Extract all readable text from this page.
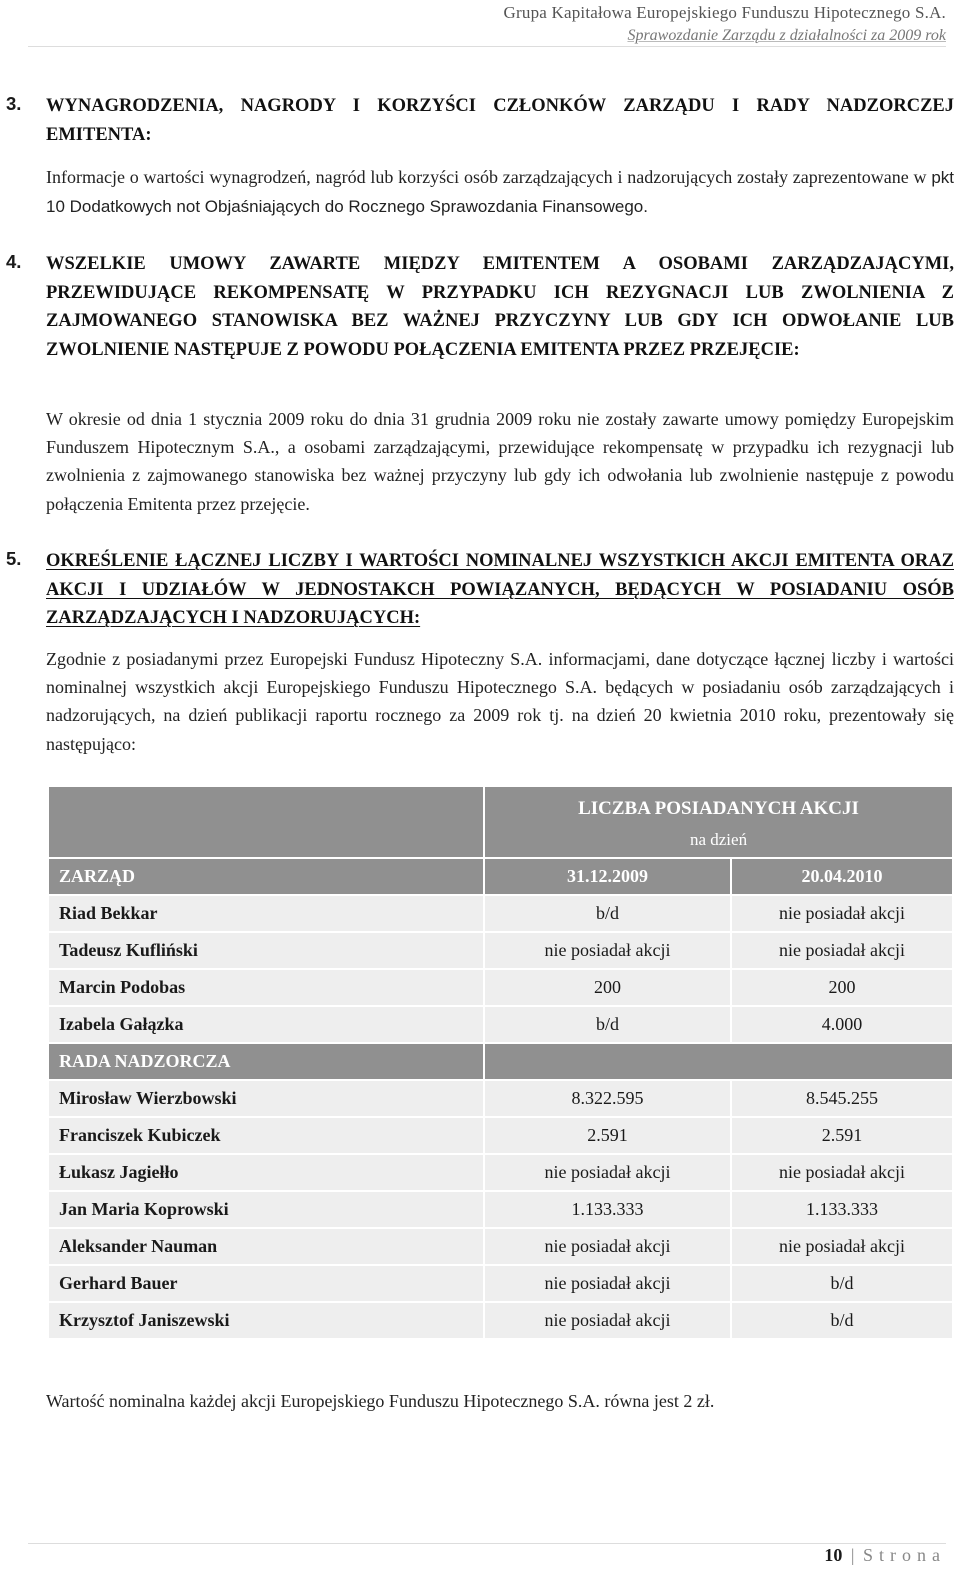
Grupa Kapitałowa Europejskiego Funduszu Hipotecznego S.A.
Sprawozdanie Zarządu z działalności za 2009 rok
3. WYNAGRODZENIA, NAGRODY I KORZYŚCI CZŁONKÓW ZARZĄDU I RADY NADZORCZEJ EMITENTA:
Informacje o wartości wynagrodzeń, nagród lub korzyści osób zarządzających i nadzorujących zostały zaprezentowane w pkt 10 Dodatkowych not Objaśniających do Rocznego Sprawozdania Finansowego.
4. WSZELKIE UMOWY ZAWARTE MIĘDZY EMITENTEM A OSOBAMI ZARZĄDZAJĄCYMI, PRZEWIDUJĄCE REKOMPENSATĘ W PRZYPADKU ICH REZYGNACJI LUB ZWOLNIENIA Z ZAJMOWANEGO STANOWISKA BEZ WAŻNEJ PRZYCZYNY LUB GDY ICH ODWOŁANIE LUB ZWOLNIENIE NASTĘPUJE Z POWODU POŁĄCZENIA EMITENTA PRZEZ PRZEJĘCIE:
W okresie od dnia 1 stycznia 2009 roku do dnia 31 grudnia 2009 roku nie zostały zawarte umowy pomiędzy Europejskim Funduszem Hipotecznym S.A., a osobami zarządzającymi, przewidujące rekompensatę w przypadku ich rezygnacji lub zwolnienia z zajmowanego stanowiska bez ważnej przyczyny lub gdy ich odwołania lub zwolnienie następuje z powodu połączenia Emitenta przez przejęcie.
5. OKREŚLENIE ŁĄCZNEJ LICZBY I WARTOŚCI NOMINALNEJ WSZYSTKICH AKCJI EMITENTA ORAZ AKCJI I UDZIAŁÓW W JEDNOSTAKCH POWIĄZANYCH, BĘDĄCYCH W POSIADANIU OSÓB ZARZĄDZAJĄCYCH I NADZORUJĄCYCH:
Zgodnie z posiadanymi przez Europejski Fundusz Hipoteczny S.A. informacjami, dane dotyczące łącznej liczby i wartości nominalnej wszystkich akcji Europejskiego Funduszu Hipotecznego S.A. będących w posiadaniu osób zarządzających i nadzorujących, na dzień publikacji raportu rocznego za 2009 rok tj. na dzień 20 kwietnia 2010 roku, prezentowały się następująco:

	LICZBA POSIADANYCH AKCJI
na dzień	

ZARZĄD	31.12.2009	20.04.2010
Riad Bekkar	b/d	nie posiadał akcji
Tadeusz Kufliński	nie posiadał akcji	nie posiadał akcji
Marcin Podobas	200	200
Izabela Gałązka	b/d	4.000
RADA NADZORCZA		
Mirosław Wierzbowski	8.322.595	8.545.255
Franciszek Kubiczek	2.591	2.591
Łukasz Jagiełło	nie posiadał akcji	nie posiadał akcji
Jan Maria Koprowski	1.133.333	1.133.333
Aleksander Nauman	nie posiadał akcji	nie posiadał akcji
Gerhard Bauer	nie posiadał akcji	b/d
Krzysztof Janiszewski	nie posiadał akcji	b/d
Wartość nominalna każdej akcji Europejskiego Funduszu Hipotecznego S.A. równa jest 2 zł.
10 | Strona
